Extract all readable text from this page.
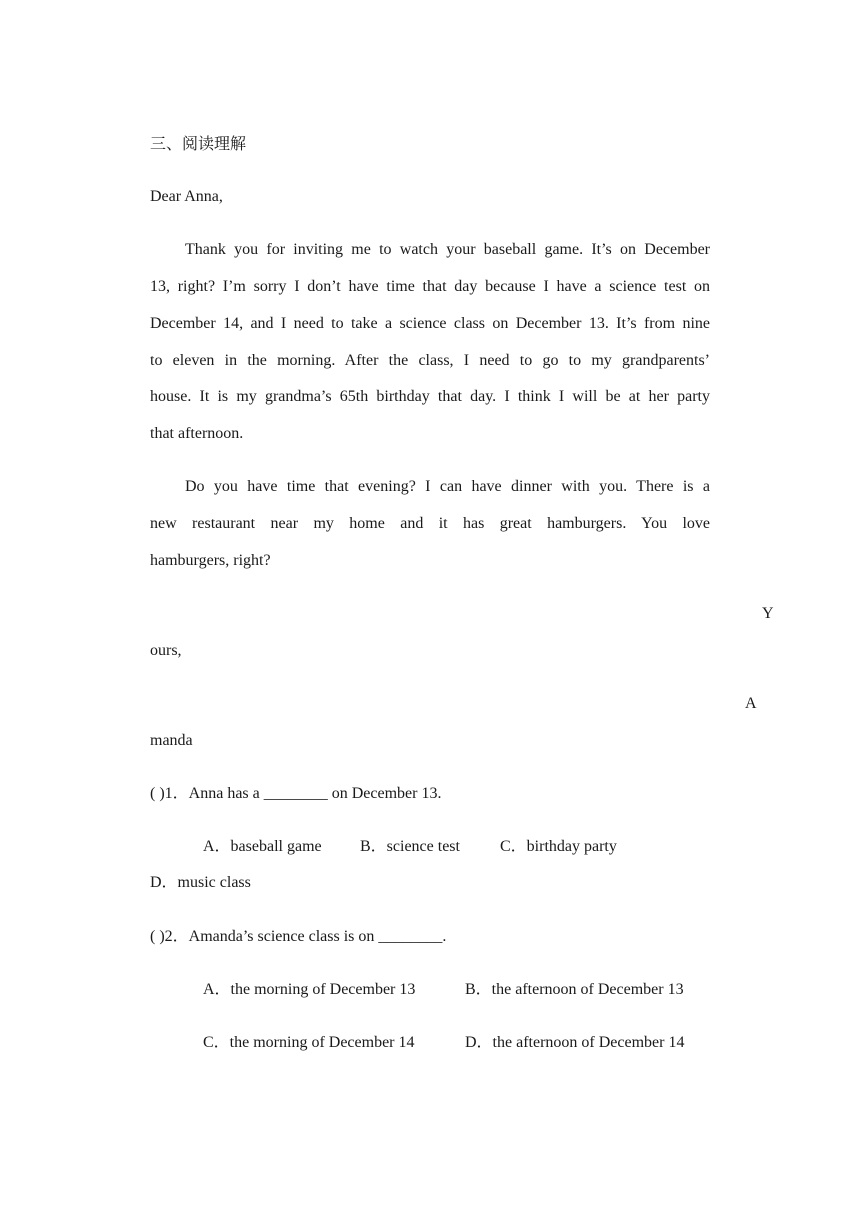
三、阅读理解
Dear Anna,
Thank you for inviting me to watch your baseball game. It’s on December
13, right? I’m sorry I don’t have time that day because I have a science test on
December 14, and I need to take a science class on December 13. It’s from nine
to eleven in the morning. After the class, I need to go to my grandparents’
house. It is my grandma’s 65th birthday that day. I think I will be at her party
that afternoon.
Do you have time that evening? I can have dinner with you. There is a
new restaurant near my home and it has great hamburgers. You love
hamburgers, right?
Y
ours,
A
manda
( )1．Anna has a ________ on December 13.
A．baseball game B．science test	C．birthday party
D．music class
( )2．Amanda’s science class is on ________.
A．the morning of December 13	B．the afternoon of December 13
C．the morning of December 14	D．the afternoon of December 14
